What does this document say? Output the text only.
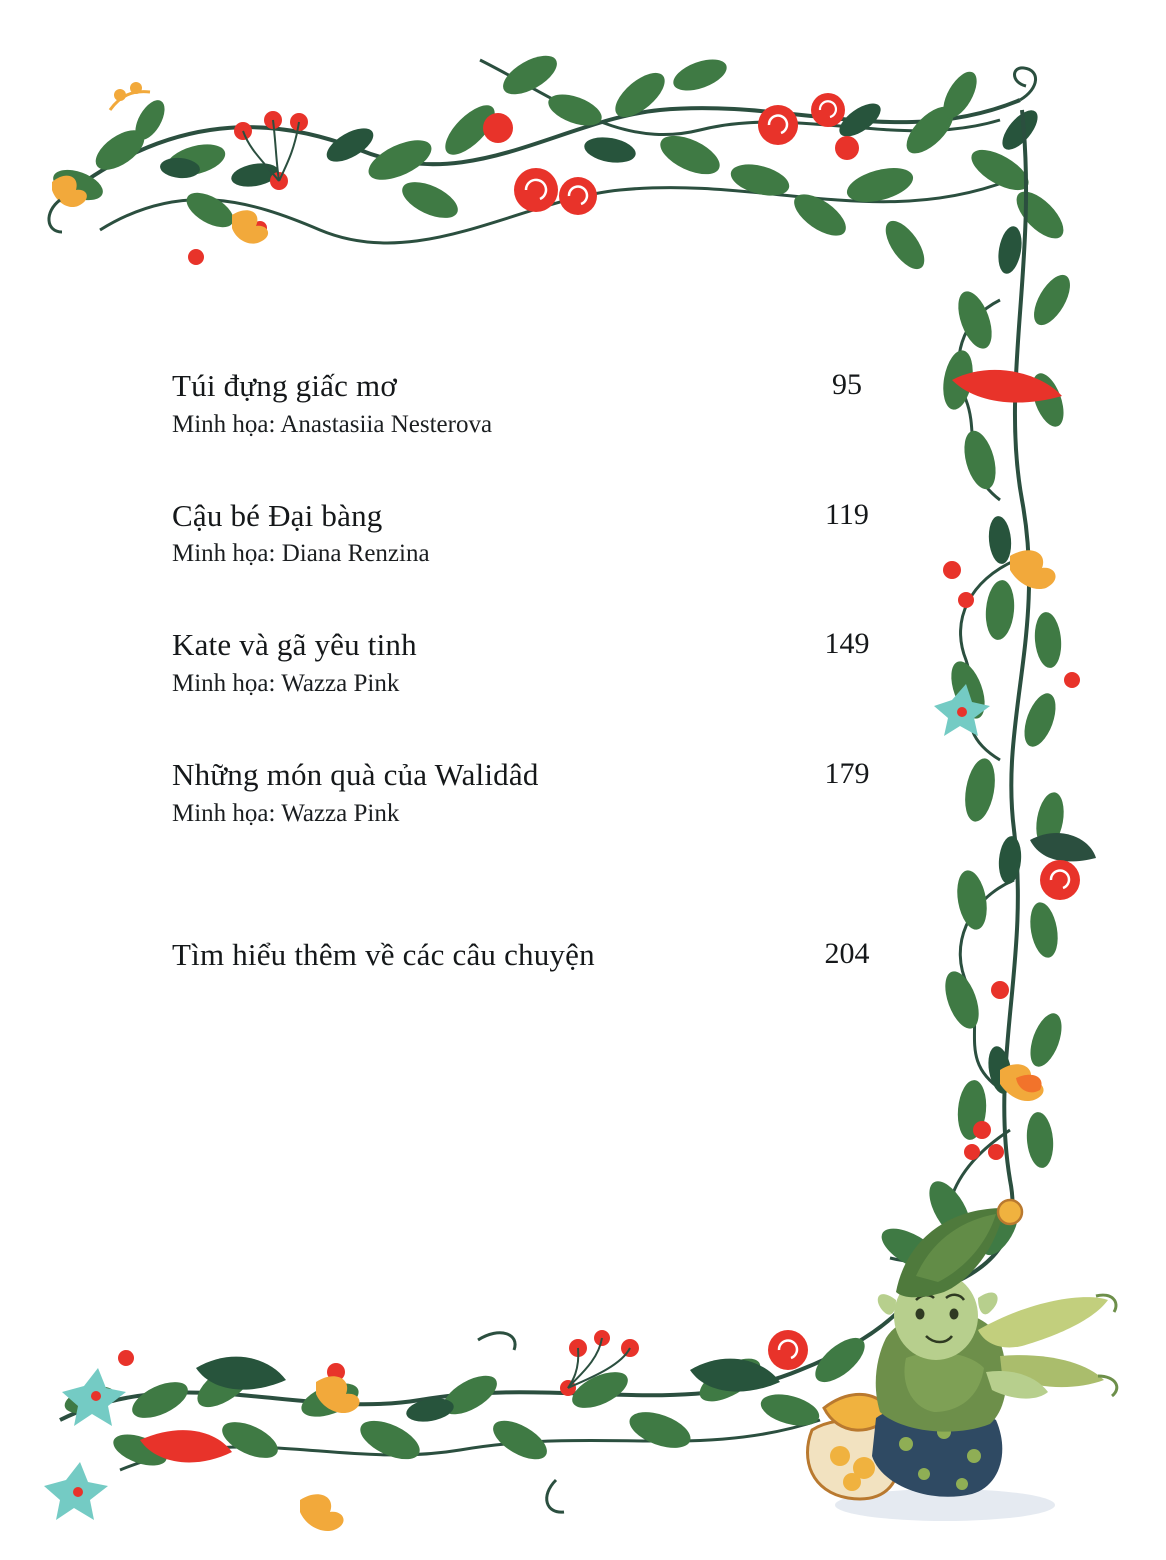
Túi đựng giấc mơ
Minh họa: Anastasiia Nesterova
95
Cậu bé Đại bàng
Minh họa: Diana Renzina
119
Kate và gã yêu tinh
Minh họa: Wazza Pink
149
Những món quà của Walidâd
Minh họa: Wazza Pink
179
Tìm hiểu thêm về các câu chuyện	204
